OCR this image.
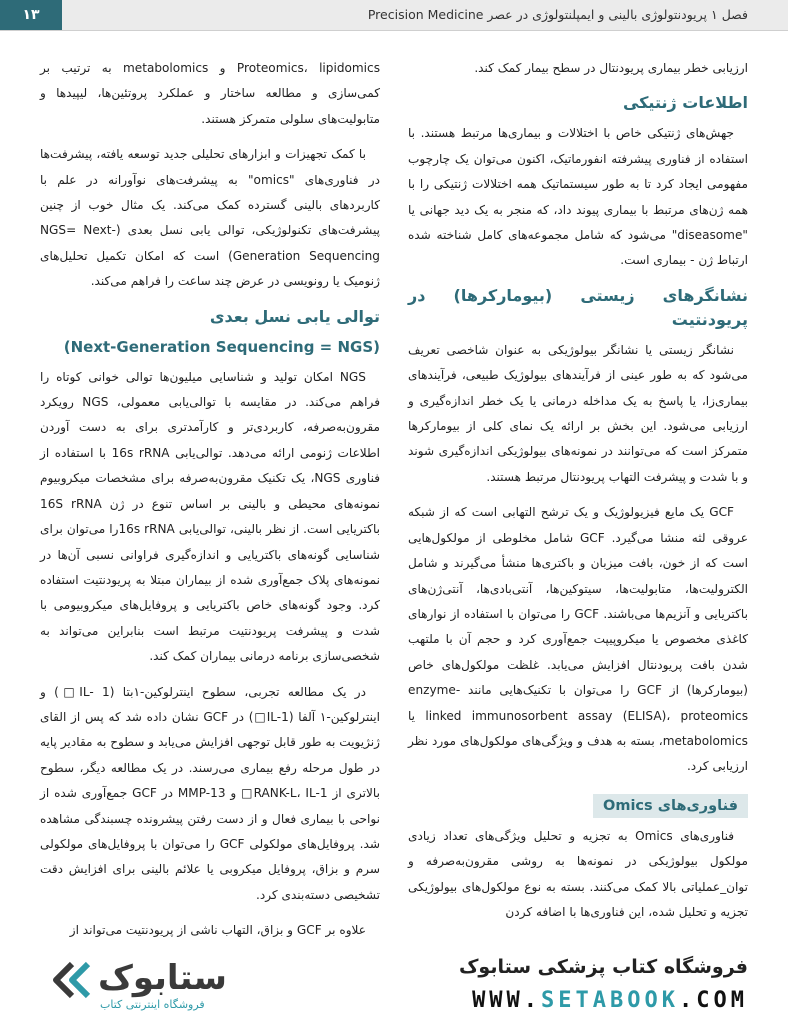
۱۳	فصل ۱ پریودنتولوژی بالینی و ایمپلنتولوژی در عصر Precision Medicine

ارزیابی خطر بیماری پریودنتال در سطح بیمار کمک کند.

اطلاعات ژنتیکی

جهش‌های ژنتیکی خاص با اختلالات و بیماری‌ها مرتبط هستند. با استفاده از فناوری پیشرفته انفورماتیک، اکنون می‌توان یک چارچوب مفهومی ایجاد کرد تا به طور سیستماتیک همه اختلالات ژنتیکی را با همه ژن‌های مرتبط با بیماری پیوند داد، که منجر به یک دید جهانی یا "diseasome" می‌شود که شامل مجموعه‌های کامل شناخته شده ارتباط ژن - بیماری است.

نشانگرهای زیستی (بیومارکرها) در پریودنتیت

نشانگر زیستی یا نشانگر بیولوژیکی به عنوان شاخصی تعریف می‌شود که به طور عینی از فرآیندهای بیولوژیک طبیعی، فرآیندهای بیماری‌زا، یا پاسخ به یک مداخله درمانی یا یک خطر اندازه‌گیری و ارزیابی می‌شود. این بخش بر ارائه یک نمای کلی از بیومارکرها متمرکز است که می‌توانند در نمونه‌های بیولوژیکی اندازه‌گیری شوند و با شدت و پیشرفت التهاب پریودنتال مرتبط هستند.

GCF یک مایع فیزیولوژیک و یک ترشح التهابی است که از شبکه عروقی لثه منشا می‌گیرد. GCF شامل مخلوطی از مولکول‌هایی است که از خون، بافت میزبان و باکتری‌ها منشأ می‌گیرند و شامل الکترولیت‌ها، متابولیت‌ها، سیتوکین‌ها، آنتی‌بادی‌ها، آنتی‌ژن‌های باکتریایی و آنزیم‌ها می‌باشند. GCF را می‌توان با استفاده از نوارهای کاغذی مخصوص یا میکروپیپت جمع‌آوری کرد و حجم آن با ملتهب شدن بافت پریودنتال افزایش می‌یابد. غلظت مولکول‌های خاص (بیومارکرها) از GCF را می‌توان با تکنیک‌هایی مانند enzyme-linked immunosorbent assay (ELISA)، proteomics یا metabolomics، بسته به هدف و ویژگی‌های مولکول‌های مورد نظر ارزیابی کرد.

فناوری‌های Omics

فناوری‌های Omics به تجزیه و تحلیل ویژگی‌های تعداد زیادی مولکول بیولوژیکی در نمونه‌ها به روشی مقرون‌به‌صرفه و توان_عملیاتی بالا کمک می‌کنند. بسته به نوع مولکول‌های بیولوژیکی تجزیه و تحلیل شده، این فناوری‌ها با اضافه کردن

Proteomics، lipidomics و metabolomics به ترتیب بر کمی‌سازی و مطالعه ساختار و عملکرد پروتئین‌ها، لیپیدها و متابولیت‌های سلولی متمرکز هستند.

با کمک تجهیزات و ابزارهای تحلیلی جدید توسعه یافته، پیشرفت‌ها در فناوری‌های "omics" به پیشرفت‌های نوآورانه در علم با کاربردهای بالینی گسترده کمک می‌کند. یک مثال خوب از چنین پیشرفت‌های تکنولوژیکی، توالی یابی نسل بعدی (NGS= Next-Generation Sequencing) است که امکان تکمیل تحلیل‌های ژنومیک یا رونویسی در عرض چند ساعت را فراهم می‌کند.

توالی یابی نسل بعدی
(Next-Generation Sequencing = NGS)

NGS امکان تولید و شناسایی میلیون‌ها توالی خوانی کوتاه را فراهم می‌کند. در مقایسه با توالی‌یابی معمولی، NGS رویکرد مقرون‌به‌صرفه، کاربردی‌تر و کارآمدتری برای به دست آوردن اطلاعات ژنومی ارائه می‌دهد. توالی‌یابی 16s rRNA با استفاده از فناوری NGS، یک تکنیک مقرون‌به‌صرفه برای مشخصات میکروبیوم نمونه‌های محیطی و بالینی بر اساس تنوع در ژن 16S rRNA باکتریایی است. از نظر بالینی، توالی‌یابی 16s rRNA‌را می‌توان برای شناسایی گونه‌های باکتریایی و اندازه‌گیری فراوانی نسبی آن‌ها در نمونه‌های پلاک جمع‌آوری شده از بیماران مبتلا به پریودنتیت استفاده کرد. وجود گونه‌های خاص باکتریایی و پروفایل‌های میکروبیومی با شدت و پیشرفت پریودنتیت مرتبط است بنابراین می‌تواند به شخصی‌سازی برنامه درمانی بیماران کمک کند.

در یک مطالعه تجربی، سطوح اینترلوکین-۱بتا (IL- 1□) و اینترلوکین-۱ آلفا (IL-1□) در GCF نشان داده شد که پس از القای ژنژیویت به طور قابل توجهی افزایش می‌یابد و سطوح به مقادیر پایه در طول مرحله رفع بیماری می‌رسند. در یک مطالعه دیگر، سطوح بالاتری از RANK-L، IL-1□ و MMP-13 در GCF جمع‌آوری شده از نواحی با بیماری فعال و از دست رفتن پیشرونده چسبندگی مشاهده شد. پروفایل‌های مولکولی GCF را می‌توان با پروفایل‌های مولکولی سرم و بزاق، پروفایل میکروبی یا علائم بالینی برای افزایش دقت تشخیصی دسته‌بندی کرد.

علاوه بر GCF و بزاق، التهاب ناشی از پریودنتیت می‌تواند از

ستابوک
فروشگاه اینترنتی کتاب
فروشگاه کتاب پزشکی ستابوک
WWW.SETABOOK.COM
